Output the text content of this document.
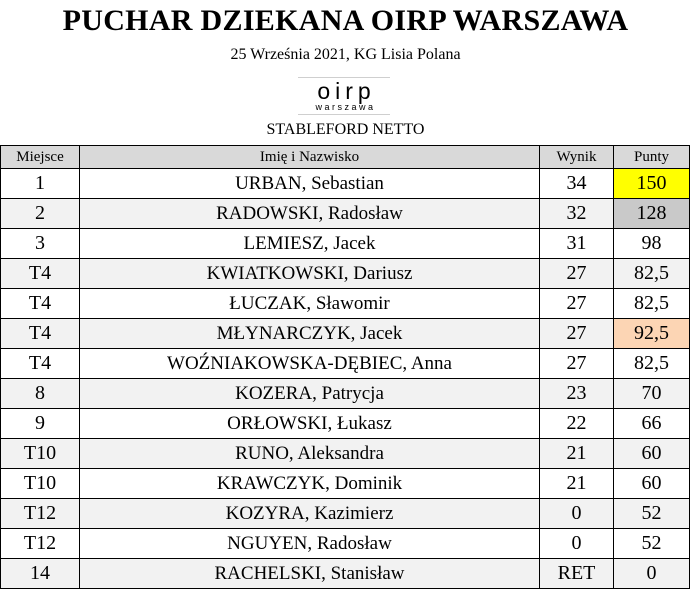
PUCHAR DZIEKANA OIRP WARSZAWA
25 Września 2021, KG Lisia Polana
oirp
warszawa
STABLEFORD NETTO
Miejsce	Imię i Nazwisko	Wynik	Punty
1	URBAN, Sebastian	34	150
2	RADOWSKI, Radosław	32	128
3	LEMIESZ, Jacek	31	98
T4	KWIATKOWSKI, Dariusz	27	82,5
T4	ŁUCZAK, Sławomir	27	82,5
T4	MŁYNARCZYK, Jacek	27	92,5
T4	WOŹNIAKOWSKA-DĘBIEC, Anna	27	82,5
8	KOZERA, Patrycja	23	70
9	ORŁOWSKI, Łukasz	22	66
T10	RUNO, Aleksandra	21	60
T10	KRAWCZYK, Dominik	21	60
T12	KOZYRA, Kazimierz	0	52
T12	NGUYEN, Radosław	0	52
14	RACHELSKI, Stanisław	RET	0
